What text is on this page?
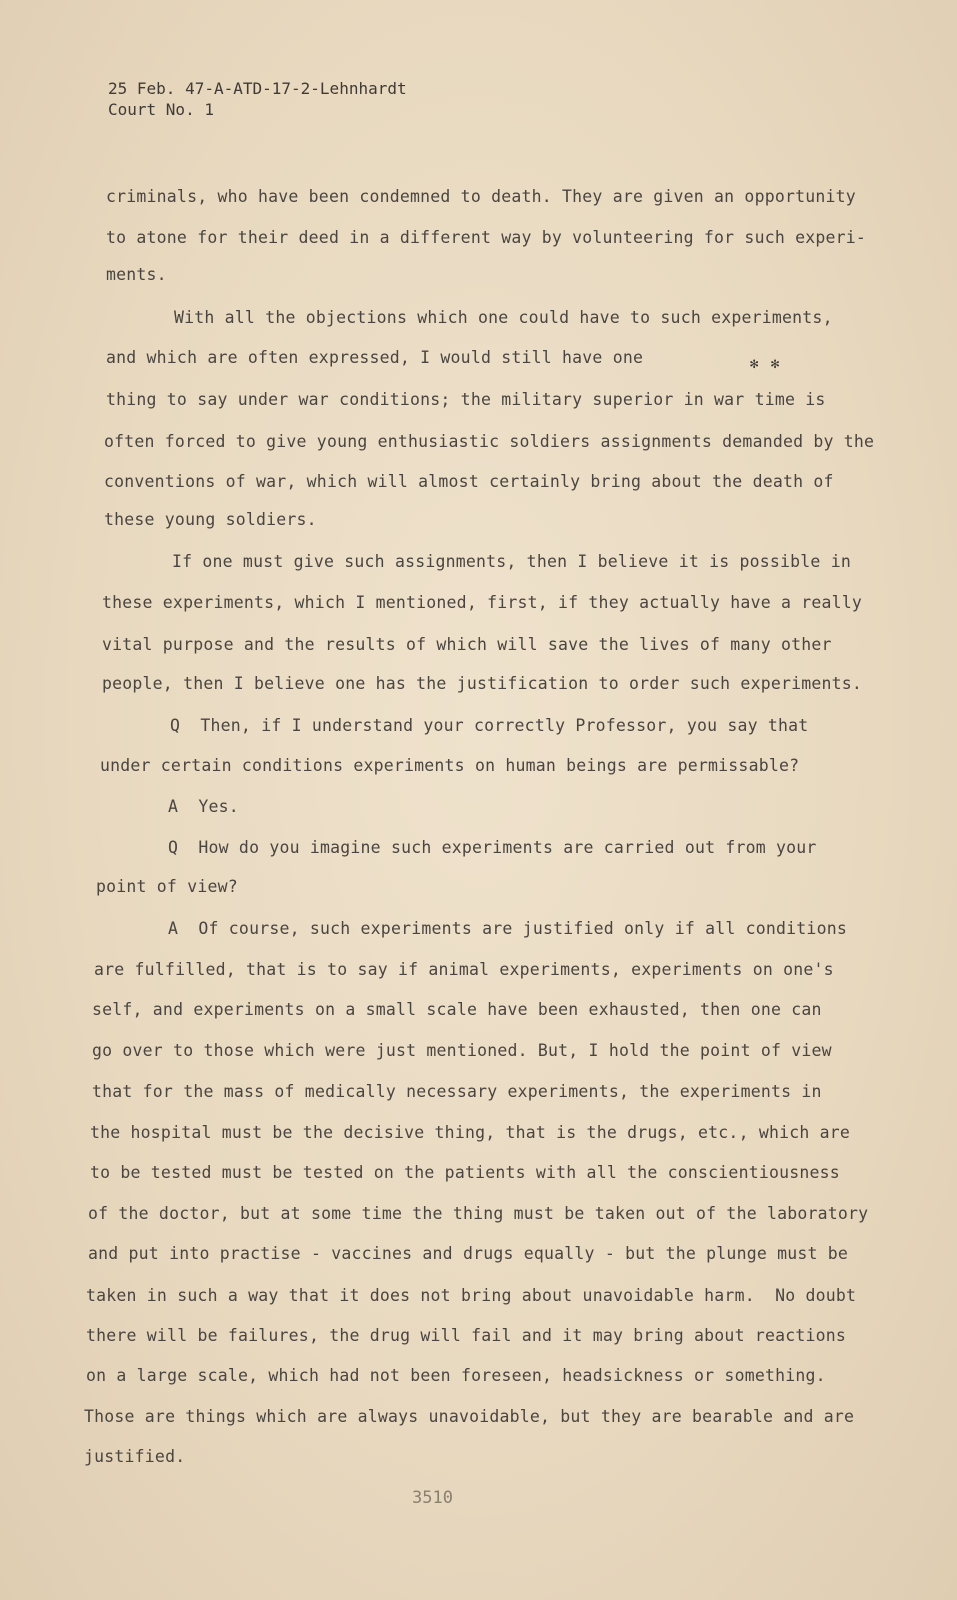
25 Feb. 47-A-ATD-17-2-Lehnhardt
Court No. 1
criminals, who have been condemned to death. They are given an opportunity
to atone for their deed in a different way by volunteering for such experi-
ments.
With all the objections which one could have to such experiments,
and which are often expressed, I would still have one
thing to say under war conditions; the military superior in war time is
often forced to give young enthusiastic soldiers assignments demanded by the
conventions of war, which will almost certainly bring about the death of
these young soldiers.
If one must give such assignments, then I believe it is possible in
these experiments, which I mentioned, first, if they actually have a really
vital purpose and the results of which will save the lives of many other
people, then I believe one has the justification to order such experiments.
Q  Then, if I understand your correctly Professor, you say that
under certain conditions experiments on human beings are permissable?
A  Yes.
Q  How do you imagine such experiments are carried out from your
point of view?
A  Of course, such experiments are justified only if all conditions
are fulfilled, that is to say if animal experiments, experiments on one's
self, and experiments on a small scale have been exhausted, then one can
go over to those which were just mentioned. But, I hold the point of view
that for the mass of medically necessary experiments, the experiments in
the hospital must be the decisive thing, that is the drugs, etc., which are
to be tested must be tested on the patients with all the conscientiousness
of the doctor, but at some time the thing must be taken out of the laboratory
and put into practise - vaccines and drugs equally - but the plunge must be
taken in such a way that it does not bring about unavoidable harm.  No doubt
there will be failures, the drug will fail and it may bring about reactions
on a large scale, which had not been foreseen, headsickness or something.
Those are things which are always unavoidable, but they are bearable and are
justified.
✻ ✻
3510
